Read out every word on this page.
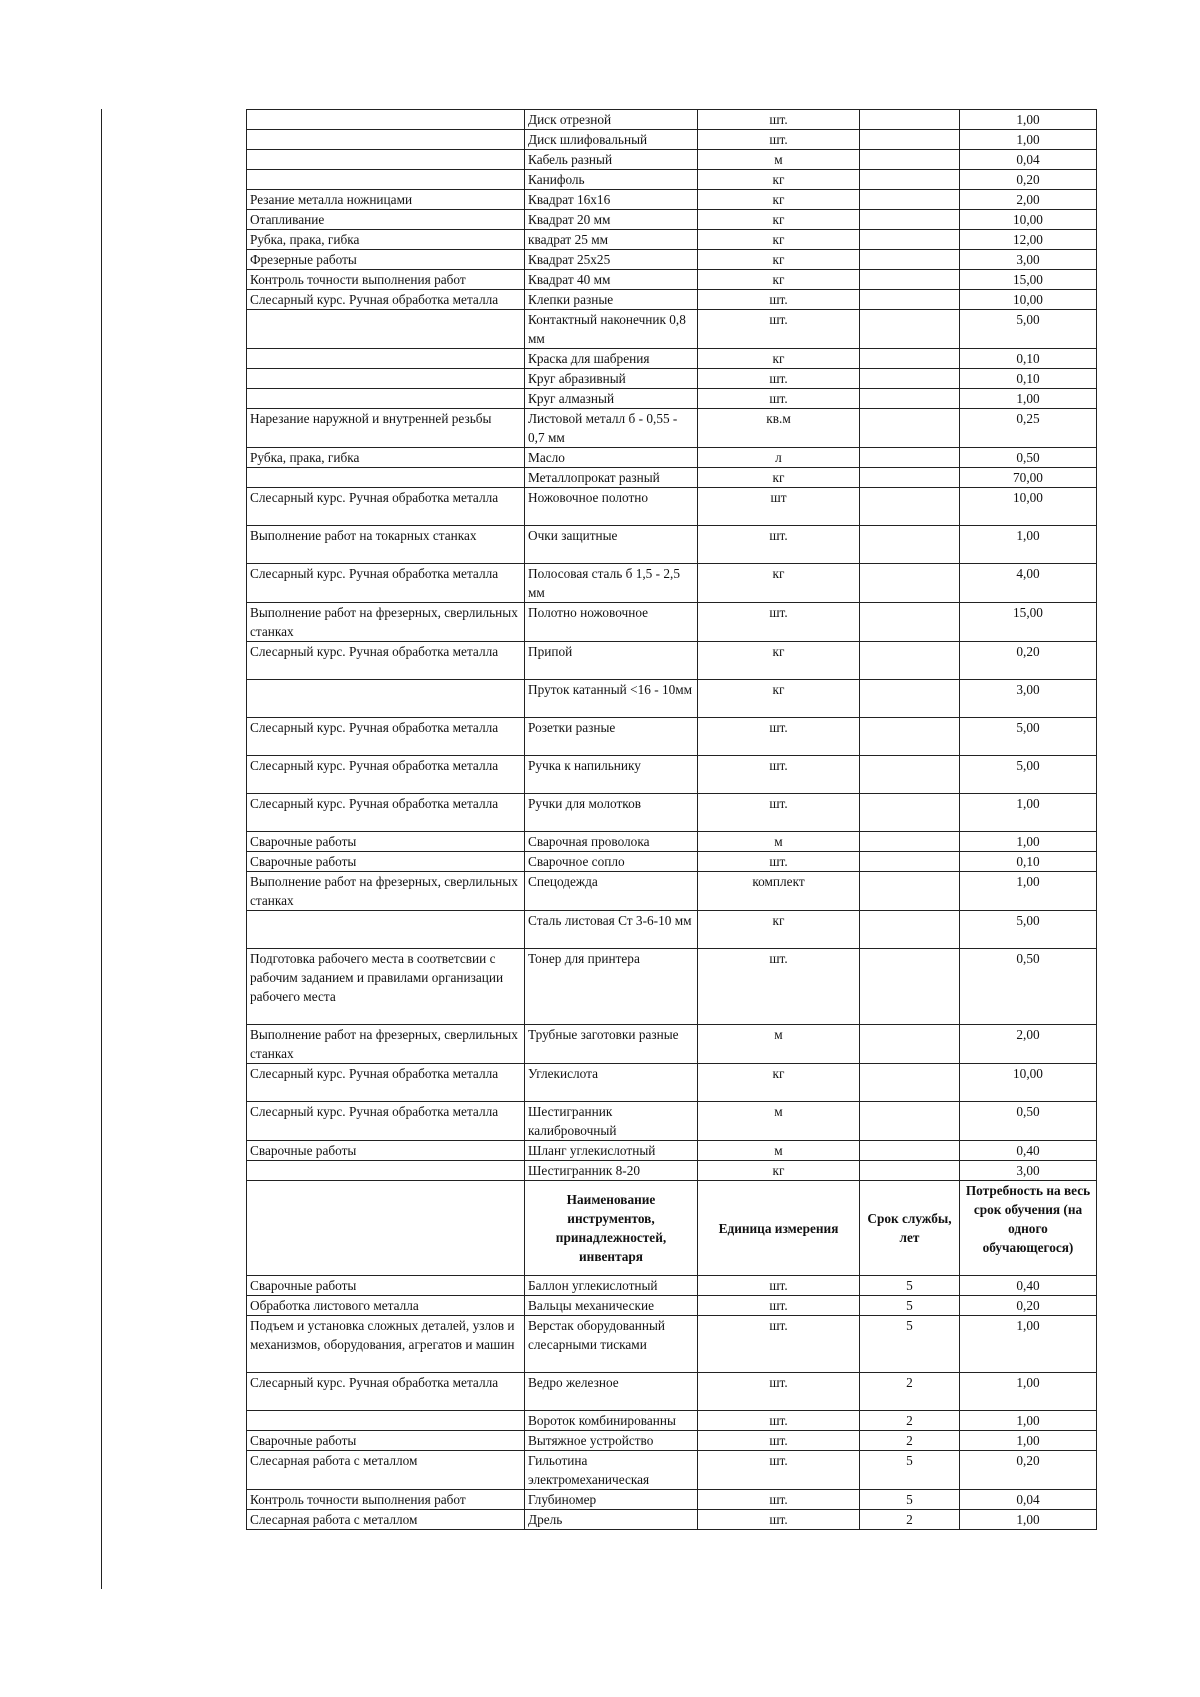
	Диск отрезной	шт.		1,00
	Диск шлифовальный	шт.		1,00
	Кабель разный	м		0,04
	Канифоль	кг		0,20
Резание металла ножницами	Квадрат 16х16	кг		2,00
Отапливание	Квадрат 20 мм	кг		10,00
Рубка, прака, гибка	квадрат 25 мм	кг		12,00
Фрезерные работы	Квадрат 25х25	кг		3,00
Контроль точности выполнения работ	Квадрат 40 мм	кг		15,00
Слесарный курс. Ручная обработка металла	Клепки разные	шт.		10,00
	Контактный наконечник 0,8 мм	шт.		5,00
	Краска для шабрения	кг		0,10
	Круг абразивный	шт.		0,10
	Круг алмазный	шт.		1,00
Нарезание наружной и внутренней резьбы	Листовой металл б - 0,55 - 0,7 мм	кв.м		0,25
Рубка, прака, гибка	Масло	л		0,50
	Металлопрокат разный	кг		70,00
Слесарный курс. Ручная обработка металла	Ножовочное полотно	шт		10,00
Выполнение работ на токарных станках	Очки защитные	шт.		1,00
Слесарный курс. Ручная обработка металла	Полосовая сталь б 1,5 - 2,5 мм	кг		4,00
Выполнение работ на фрезерных, сверлильных станках	Полотно ножовочное	шт.		15,00
Слесарный курс. Ручная обработка металла	Припой	кг		0,20
	Пруток катанный <16 - 10мм	кг		3,00
Слесарный курс. Ручная обработка металла	Розетки разные	шт.		5,00
Слесарный курс. Ручная обработка металла	Ручка к напильнику	шт.		5,00
Слесарный курс. Ручная обработка металла	Ручки для молотков	шт.		1,00
Сварочные работы	Сварочная проволока	м		1,00
Сварочные работы	Сварочное сопло	шт.		0,10
Выполнение работ на фрезерных, сверлильных станках	Спецодежда	комплект		1,00
	Сталь листовая Ст 3-6-10 мм	кг		5,00
Подготовка рабочего места в соответсвии с рабочим заданием и правилами организации рабочего места	Тонер для принтера	шт.		0,50
Выполнение работ на фрезерных, сверлильных станках	Трубные заготовки разные	м		2,00
Слесарный курс. Ручная обработка металла	Углекислота	кг		10,00
Слесарный курс. Ручная обработка металла	Шестигранник калибровочный	м		0,50
Сварочные работы	Шланг углекислотный	м		0,40
	Шестигранник 8-20	кг		3,00
	Наименование инструментов, принадлежностей, инвентаря	Единица измерения	Срок службы, лет	Потребность на весь срок обучения (на одного обучающегося)
Сварочные работы	Баллон углекислотный	шт.	5	0,40
Обработка листового металла	Вальцы механические	шт.	5	0,20
Подъем и установка сложных деталей, узлов и механизмов, оборудования, агрегатов и машин	Верстак оборудованный слесарными тисками	шт.	5	1,00
Слесарный курс. Ручная обработка металла	Ведро железное	шт.	2	1,00
	Вороток комбинированны	шт.	2	1,00
Сварочные работы	Вытяжное устройство	шт.	2	1,00
Слесарная работа с металлом	Гильотина электромеханическая	шт.	5	0,20
Контроль точности выполнения работ	Глубиномер	шт.	5	0,04
Слесарная работа с металлом	Дрель	шт.	2	1,00
